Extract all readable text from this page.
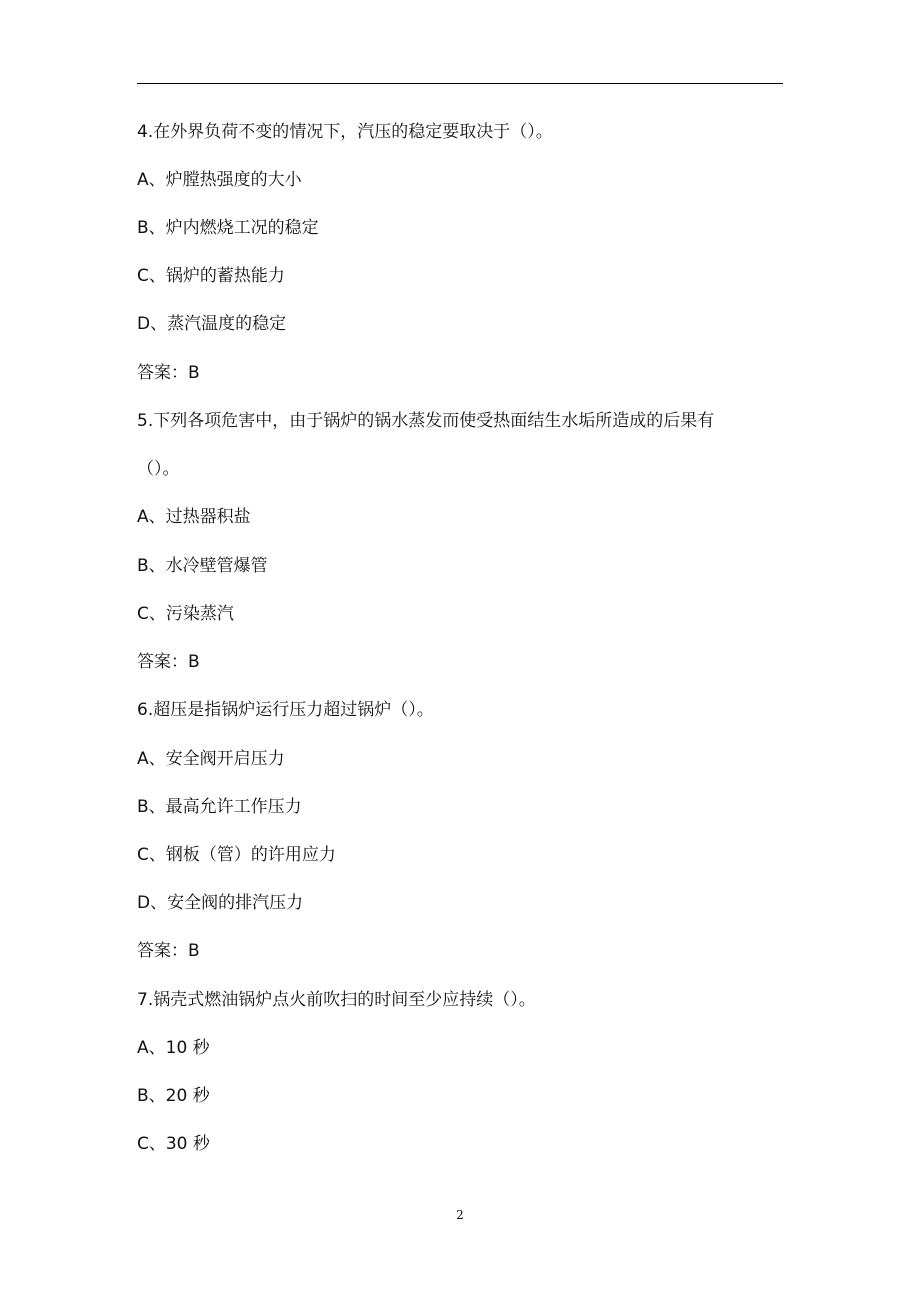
4.在外界负荷不变的情况下，汽压的稳定要取决于（）。
A、炉膛热强度的大小
B、炉内燃烧工况的稳定
C、锅炉的蓄热能力
D、蒸汽温度的稳定
答案：B
5.下列各项危害中，由于锅炉的锅水蒸发而使受热面结生水垢所造成的后果有
（）。
A、过热器积盐
B、水冷壁管爆管
C、污染蒸汽
答案：B
6.超压是指锅炉运行压力超过锅炉（）。
A、安全阀开启压力
B、最高允许工作压力
C、钢板（管）的许用应力
D、安全阀的排汽压力
答案：B
7.锅壳式燃油锅炉点火前吹扫的时间至少应持续（）。
A、10 秒
B、20 秒
C、30 秒
2
